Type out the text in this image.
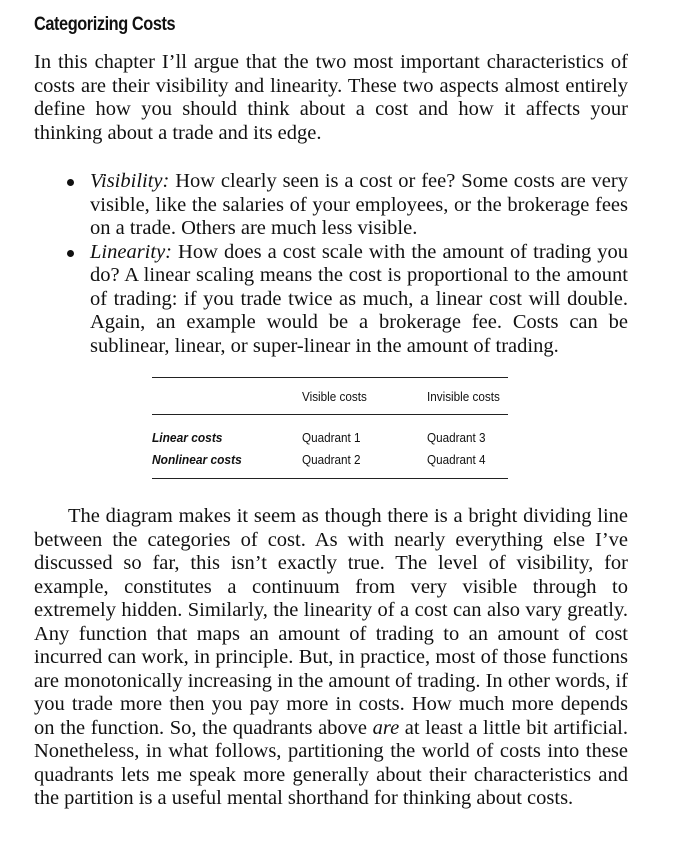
Categorizing Costs

In this chapter I’ll argue that the two most important characteristics of costs are their visibility and linearity. These two aspects almost entirely define how you should think about a cost and how it affects your thinking about a trade and its edge.

Visibility: How clearly seen is a cost or fee? Some costs are very visible, like the salaries of your employees, or the brokerage fees on a trade. Others are much less visible.
Linearity: How does a cost scale with the amount of trading you do? A linear scaling means the cost is proportional to the amount of trading: if you trade twice as much, a linear cost will double. Again, an example would be a brokerage fee. Costs can be sublinear, linear, or super-linear in the amount of trading.
	Visible costs	Invisible costs
Linear costs	Quadrant 1	Quadrant 3
Nonlinear costs	Quadrant 2	Quadrant 4

The diagram makes it seem as though there is a bright dividing line between the categories of cost. As with nearly everything else I’ve discussed so far, this isn’t exactly true. The level of visibility, for example, constitutes a continuum from very visible through to extremely hidden. Similarly, the linearity of a cost can also vary greatly. Any function that maps an amount of trading to an amount of cost incurred can work, in principle. But, in practice, most of those functions are monotonically increasing in the amount of trading. In other words, if you trade more then you pay more in costs. How much more depends on the function. So, the quadrants above are at least a little bit artificial. Nonetheless, in what follows, partitioning the world of costs into these quadrants lets me speak more generally about their characteristics and the partition is a useful mental shorthand for thinking about costs.
